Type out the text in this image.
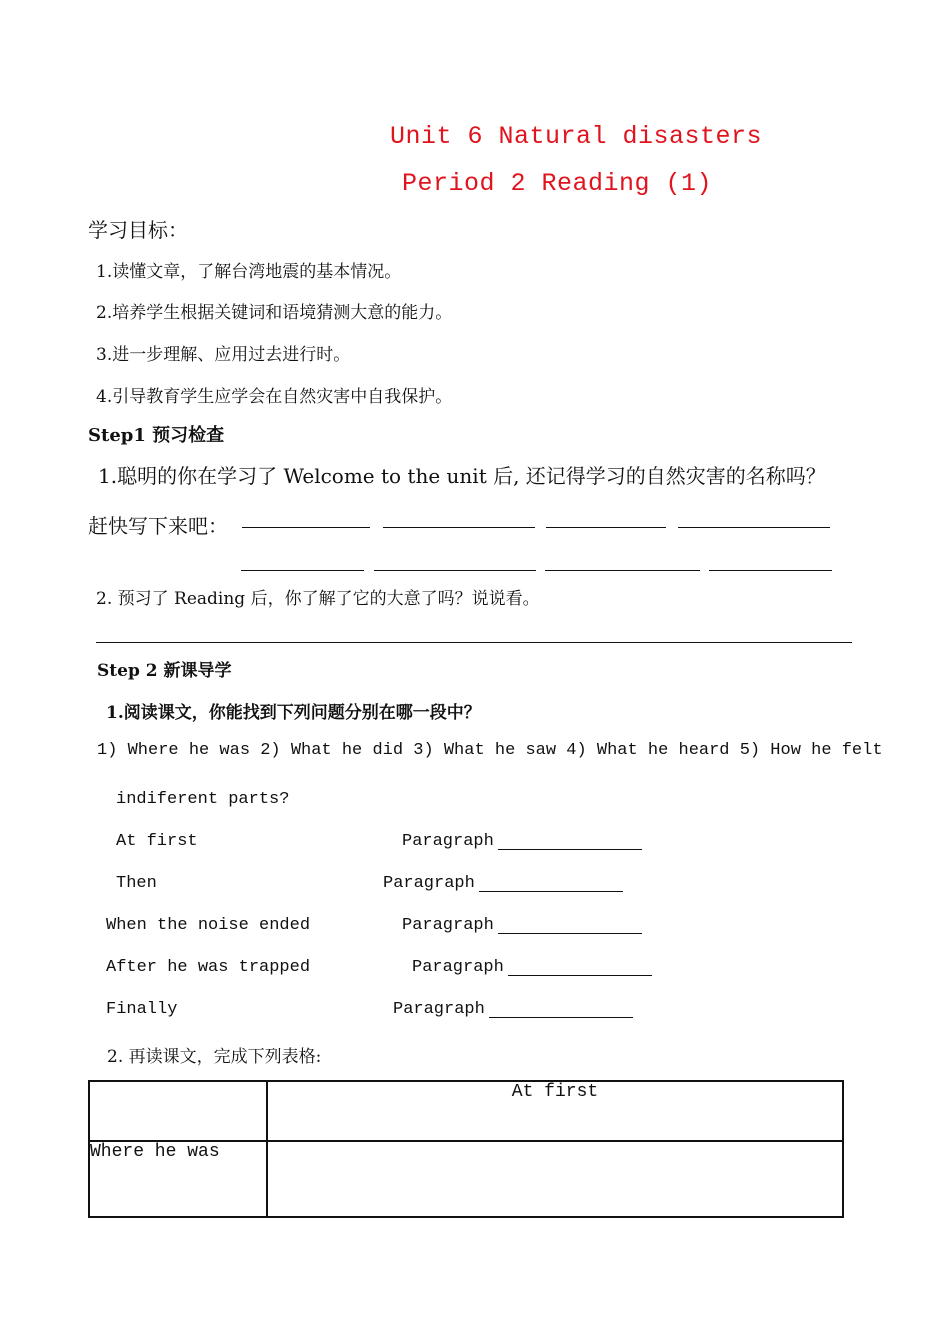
Unit 6 Natural disasters
Period 2 Reading (1)
学习目标：
1.读懂文章，了解台湾地震的基本情况。
2.培养学生根据关键词和语境猜测大意的能力。
3.进一步理解、应用过去进行时。
4.引导教育学生应学会在自然灾害中自我保护。
Step1 预习检查
1.聪明的你在学习了 Welcome to the unit 后, 还记得学习的自然灾害的名称吗？
赶快写下来吧：
2. 预习了 Reading 后，你了解了它的大意了吗？说说看。
Step 2 新课导学
1.阅读课文，你能找到下列问题分别在哪一段中？
1) Where he was 2) What he did 3) What he saw 4) What he heard 5) How he felt
indiferent parts?
At first	Paragraph
Then	Paragraph
When the noise ended	Paragraph
After he was trapped	Paragraph
Finally	Paragraph
2. 再读课文，完成下列表格:
	At first
Where he was	
